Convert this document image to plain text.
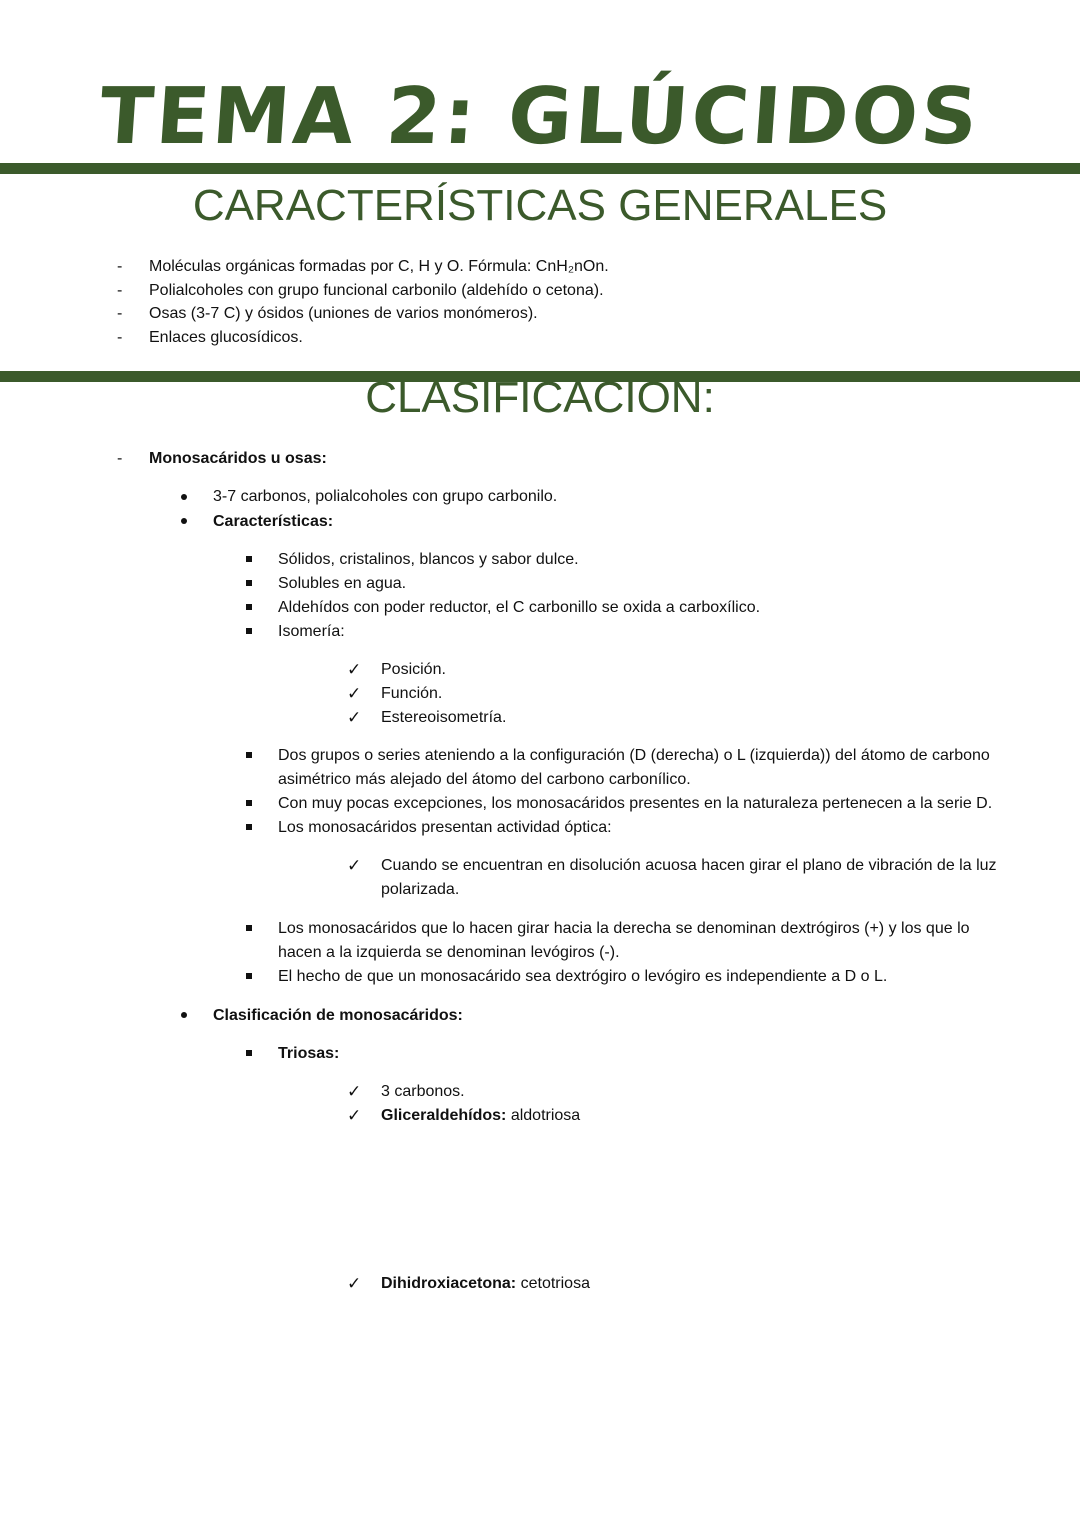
TEMA 2: GLÚCIDOS
CARACTERÍSTICAS GENERALES
- Moléculas orgánicas formadas por C, H y O. Fórmula: CnH₂nOn.
- Polialcoholes con grupo funcional carbonilo (aldehído o cetona).
- Osas (3-7 C) y ósidos (uniones de varios monómeros).
- Enlaces glucosídicos.
CLASIFICACIÓN:
- Monosacáridos u osas:
3-7 carbonos, polialcoholes con grupo carbonilo.
Características:
Sólidos, cristalinos, blancos y sabor dulce.
Solubles en agua.
Aldehídos con poder reductor, el C carbonillo se oxida a carboxílico.
Isomería:
✓ Posición.
✓ Función.
✓ Estereoisometría.
Dos grupos o series ateniendo a la configuración (D (derecha) o L (izquierda)) del átomo de carbono
asimétrico más alejado del átomo del carbono carbonílico.
Con muy pocas excepciones, los monosacáridos presentes en la naturaleza pertenecen a la serie D.
Los monosacáridos presentan actividad óptica:
✓ Cuando se encuentran en disolución acuosa hacen girar el plano de vibración de la luz
polarizada.
Los monosacáridos que lo hacen girar hacia la derecha se denominan dextrógiros (+) y los que lo
hacen a la izquierda se denominan levógiros (-).
El hecho de que un monosacárido sea dextrógiro o levógiro es independiente a D o L.
Clasificación de monosacáridos:
Triosas:
✓ 3 carbonos.
✓ Gliceraldehídos: aldotriosa
✓ Dihidroxiacetona: cetotriosa
